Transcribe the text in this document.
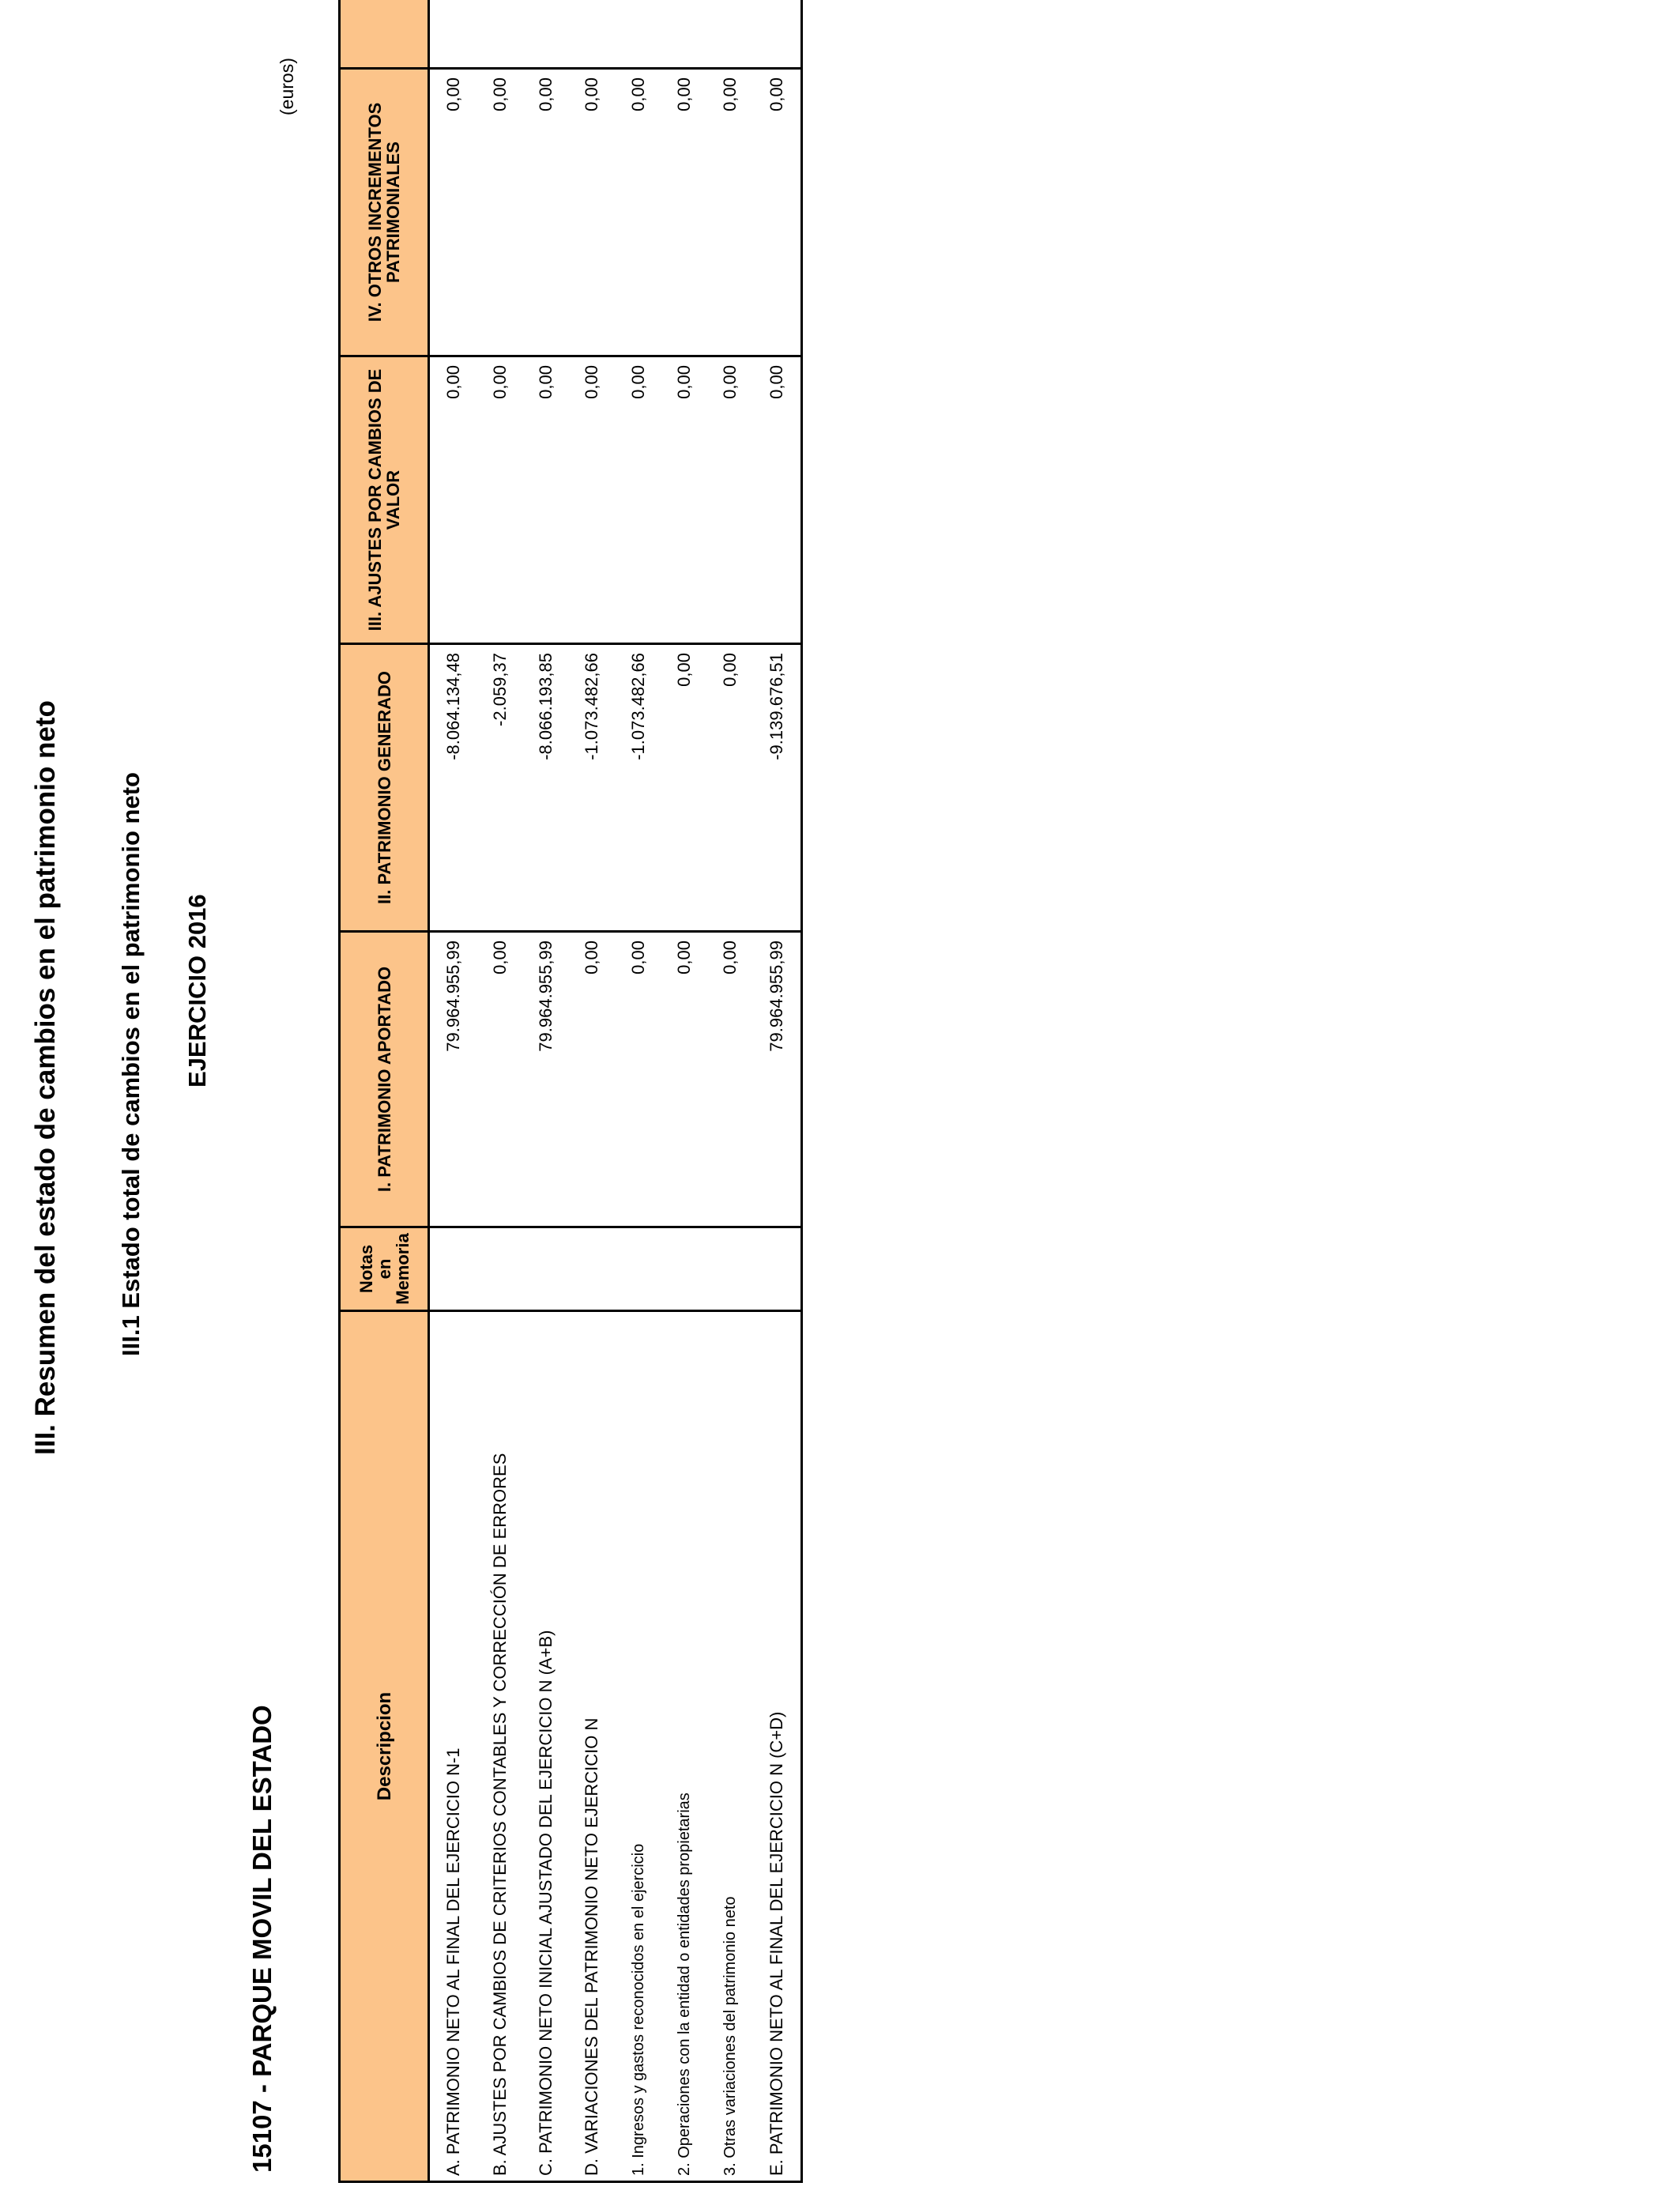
III. Resumen del estado de cambios en el patrimonio neto III.1 Estado total de cambios en el patrimonio neto EJERCICIO 2016
15107 - PARQUE MOVIL DEL ESTADO
(euros)
Descripcion	Notas en Memoria	I. PATRIMONIO APORTADO	II. PATRIMONIO GENERADO	III. AJUSTES POR CAMBIOS DE VALOR	IV. OTROS INCREMENTOS PATRIMONIALES	
A. PATRIMONIO NETO AL FINAL DEL EJERCICIO N-1		79.964.955,99	-8.064.134,48	0,00	0,00	
B. AJUSTES POR CAMBIOS DE CRITERIOS CONTABLES Y CORRECCIÓN DE ERRORES		0,00	-2.059,37	0,00	0,00	
C. PATRIMONIO NETO INICIAL AJUSTADO DEL EJERCICIO N (A+B)		79.964.955,99	-8.066.193,85	0,00	0,00	
D. VARIACIONES DEL PATRIMONIO NETO EJERCICIO N		0,00	-1.073.482,66	0,00	0,00	
1. Ingresos y gastos reconocidos en el ejercicio		0,00	-1.073.482,66	0,00	0,00	
2. Operaciones con la entidad o entidades propietarias		0,00	0,00	0,00	0,00	
3. Otras variaciones del patrimonio neto		0,00	0,00	0,00	0,00	
E. PATRIMONIO NETO AL FINAL DEL EJERCICIO N (C+D)		79.964.955,99	-9.139.676,51	0,00	0,00	
